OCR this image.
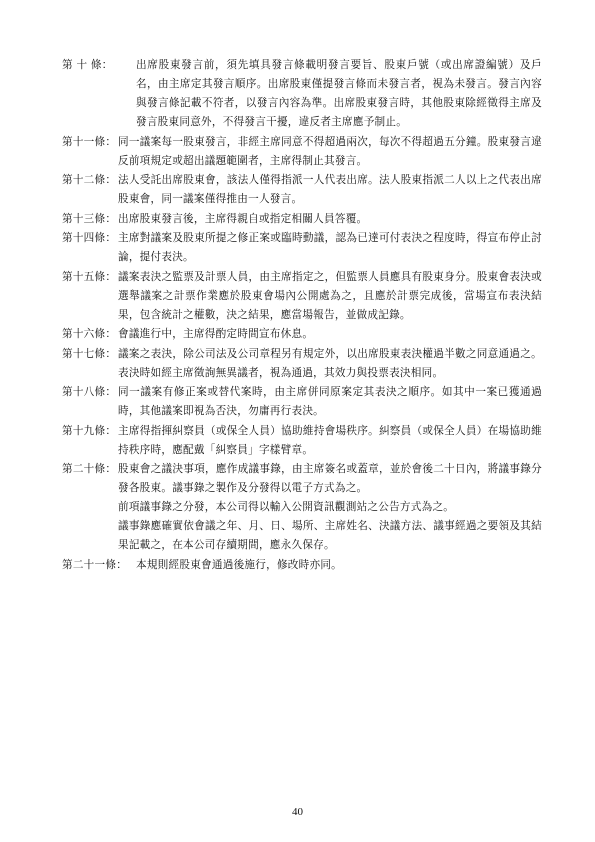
第 十 條：	出席股東發言前，須先填具發言條載明發言要旨、股東戶號（或出席證編號）及戶名，由主席定其發言順序。出席股東僅提發言條而未發言者，視為未發言。發言內容與發言條記載不符者，以發言內容為準。出席股東發言時，其他股東除經徵得主席及發言股東同意外，不得發言干擾，違反者主席應予制止。

第十一條： 同一議案每一股東發言，非經主席同意不得超過兩次，每次不得超過五分鐘。股東發言違反前項規定或超出議題範圍者，主席得制止其發言。

第十二條： 法人受託出席股東會，該法人僅得指派一人代表出席。法人股東指派二人以上之代表出席股東會，同一議案僅得推由一人發言。

第十三條： 出席股東發言後，主席得親自或指定相關人員答覆。

第十四條： 主席對議案及股東所提之修正案或臨時動議，認為已達可付表決之程度時，得宣布停止討論，提付表決。

第十五條： 議案表決之監票及計票人員，由主席指定之，但監票人員應具有股東身分。股東會表決或選舉議案之計票作業應於股東會場內公開處為之，且應於計票完成後，當場宣布表決結果，包含統計之權數，決之結果，應當場報告，並做成記錄。

第十六條： 會議進行中，主席得酌定時間宣布休息。

第十七條： 議案之表決，除公司法及公司章程另有規定外，以出席股東表決權過半數之同意通過之。表決時如經主席徵詢無異議者，視為通過，其效力與投票表決相同。

第十八條： 同一議案有修正案或替代案時，由主席併同原案定其表決之順序。如其中一案已獲通過時，其他議案即視為否決，勿庸再行表決。

第十九條： 主席得指揮糾察員（或保全人員）協助維持會場秩序。糾察員（或保全人員）在場協助維持秩序時，應配戴「糾察員」字樣臂章。

第二十條： 股東會之議決事項，應作成議事錄，由主席簽名或蓋章，並於會後二十日內，將議事錄分發各股東。議事錄之製作及分發得以電子方式為之。

前項議事錄之分發，本公司得以輸入公開資訊觀測站之公告方式為之。

議事錄應確實依會議之年、月、日、場所、主席姓名、決議方法、議事經過之要領及其結果記載之，在本公司存續期間，應永久保存。

第二十一條： 本規則經股東會通過後施行，修改時亦同。

40
